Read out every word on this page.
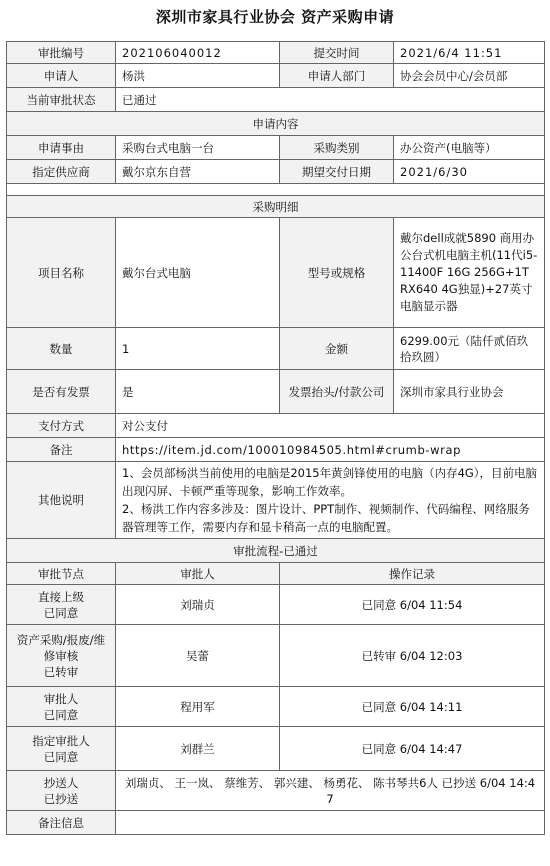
深圳市家具行业协会 资产采购申请
审批编号	202106040012	提交时间	2021/6/4 11:51
申请人	杨洪	申请人部门	协会会员中心/会员部
当前审批状态	已通过		
申请内容			
申请事由	采购台式电脑一台	采购类别	办公资产(电脑等）
指定供应商	戴尔京东自营	期望交付日期	2021/6/30

采购明细			
项目名称	戴尔台式电脑	型号或规格	戴尔dell成就5890 商用办公台式机电脑主机(11代i5-11400F 16G 256G+1T RX640 4G独显)+27英寸电脑显示器
数量	1	金额	6299.00元（陆仟贰佰玖拾玖圆）
是否有发票	是	发票抬头/付款公司	深圳市家具行业协会
支付方式	对公支付		
备注	https://item.jd.com/100010984505.html#crumb-wrap		
其他说明	1、会员部杨洪当前使用的电脑是2015年黄剑锋使用的电脑（内存4G），目前电脑出现闪屏、卡顿严重等现象，影响工作效率。
2、杨洪工作内容多涉及：图片设计、PPT制作、视频制作、代码编程、网络服务器管理等工作，需要内存和显卡稍高一点的电脑配置。		

审批流程-已通过			
审批节点	审批人	操作记录	
直接上级
已同意	刘瑞贞	已同意 6/04 11:54	
资产采购/报废/维修审核
已转审	吴蕾	已转审 6/04 12:03	
审批人
已同意	程用军	已同意 6/04 14:11	
指定审批人
已同意	刘群兰	已同意 6/04 14:47	
抄送人
已抄送	刘瑞贞、 王一岚、 蔡维芳、 郭兴建、 杨勇花、 陈书琴共6人 已抄送 6/04 14:47		
备注信息			
